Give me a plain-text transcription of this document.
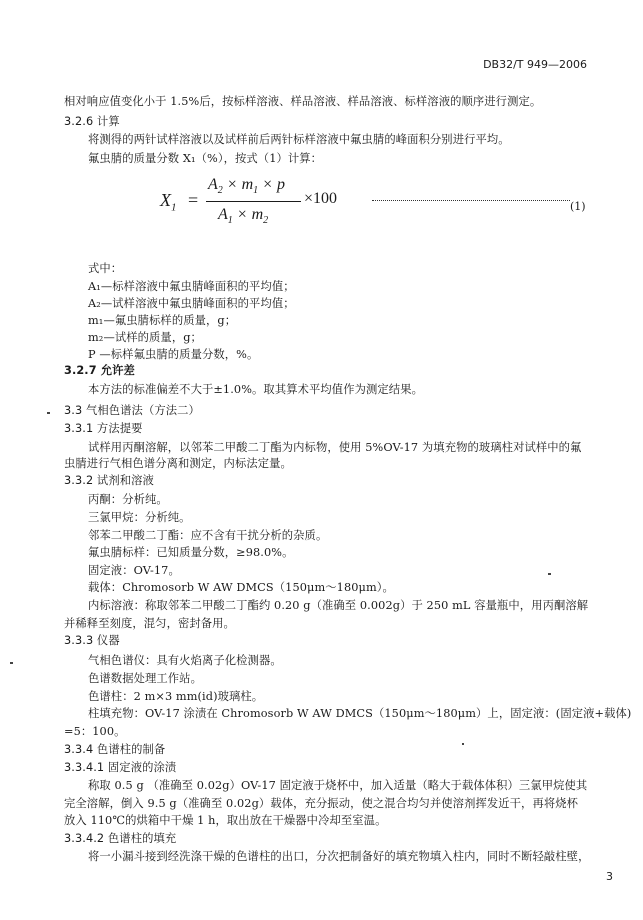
DB32/T 949—2006
相对响应值变化小于 1.5%后，按标样溶液、样品溶液、样品溶液、标样溶液的顺序进行测定。
3.2.6 计算
将测得的两针试样溶液以及试样前后两针标样溶液中氟虫腈的峰面积分别进行平均。
氟虫腈的质量分数 X₁（%），按式（1）计算：
$X_1$ =
$A_2 \times m_1 \times p$
$A_1 \times m_2$
×100	(1)
式中：
A₁—标样溶液中氟虫腈峰面积的平均值；
A₂—试样溶液中氟虫腈峰面积的平均值；
m₁—氟虫腈标样的质量，g；
m₂—试样的质量，g；
P —标样氟虫腈的质量分数，%。
3.2.7 允许差
本方法的标准偏差不大于±1.0%。取其算术平均值作为测定结果。
3.3 气相色谱法（方法二）
3.3.1 方法提要
试样用丙酮溶解，以邻苯二甲酸二丁酯为内标物，使用 5%OV-17 为填充物的玻璃柱对试样中的氟
虫腈进行气相色谱分离和测定，内标法定量。
3.3.2 试剂和溶液
丙酮：分析纯。
三氯甲烷：分析纯。
邻苯二甲酸二丁酯：应不含有干扰分析的杂质。
氟虫腈标样：已知质量分数，≥98.0%。
固定液：OV-17。
载体：Chromosorb W AW DMCS（150μm～180μm）。
内标溶液：称取邻苯二甲酸二丁酯约 0.20 g（准确至 0.002g）于 250 mL 容量瓶中，用丙酮溶解
并稀释至刻度，混匀，密封备用。
3.3.3 仪器
气相色谱仪：具有火焰离子化检测器。
色谱数据处理工作站。
色谱柱：2 m×3 mm(id)玻璃柱。
柱填充物：OV-17 涂渍在 Chromosorb W AW DMCS（150μm～180μm）上，固定液：(固定液+载体)
=5：100。
3.3.4 色谱柱的制备
3.3.4.1 固定液的涂渍
称取 0.5 g （准确至 0.02g）OV-17 固定液于烧杯中，加入适量（略大于载体体积）三氯甲烷使其
完全溶解，倒入 9.5 g（准确至 0.02g）载体，充分振动，使之混合均匀并使溶剂挥发近干，再将烧杯
放入 110℃的烘箱中干燥 1 h，取出放在干燥器中冷却至室温。
3.3.4.2 色谱柱的填充
将一小漏斗接到经洗涤干燥的色谱柱的出口，分次把制备好的填充物填入柱内，同时不断轻敲柱壁，
3
